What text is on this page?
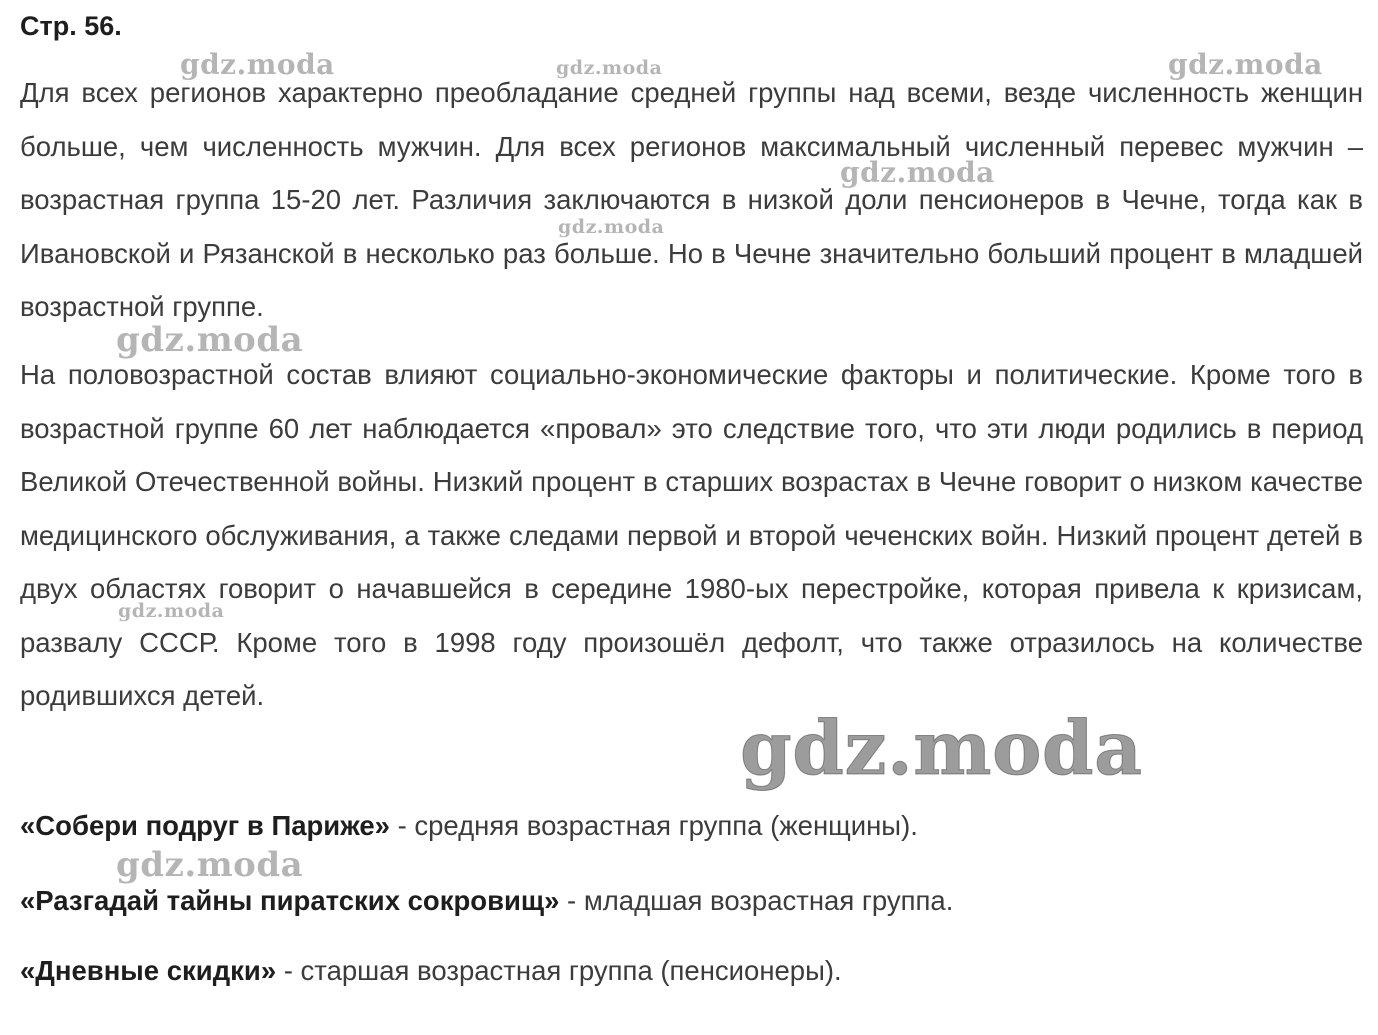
Стр. 56.

Для всех регионов характерно преобладание средней группы над всеми, везде численность женщин больше, чем численность мужчин. Для всех регионов максимальный численный перевес мужчин – возрастная группа 15-20 лет. Различия заключаются в низкой доли пенсионеров в Чечне, тогда как в Ивановской и Рязанской в несколько раз больше. Но в Чечне значительно больший процент в младшей возрастной группе.

На половозрастной состав влияют социально-экономические факторы и политические. Кроме того в возрастной группе 60 лет наблюдается «провал» это следствие того, что эти люди родились в период Великой Отечественной войны. Низкий процент в старших возрастах в Чечне говорит о низком качестве медицинского обслуживания, а также следами первой и второй чеченских войн. Низкий процент детей в двух областях говорит о начавшейся в середине 1980-ых перестройке, которая привела к кризисам, развалу СССР. Кроме того в 1998 году произошёл дефолт, что также отразилось на количестве родившихся детей.

«Собери подруг в Париже» - средняя возрастная группа (женщины).

«Разгадай тайны пиратских сокровищ» - младшая возрастная группа.

«Дневные скидки» - старшая возрастная группа (пенсионеры).

gdz.moda	gdz.moda	gdz.moda
gdz.moda
gdz.moda
gdz.moda
gdz.moda
gdz.moda
gdz.moda
